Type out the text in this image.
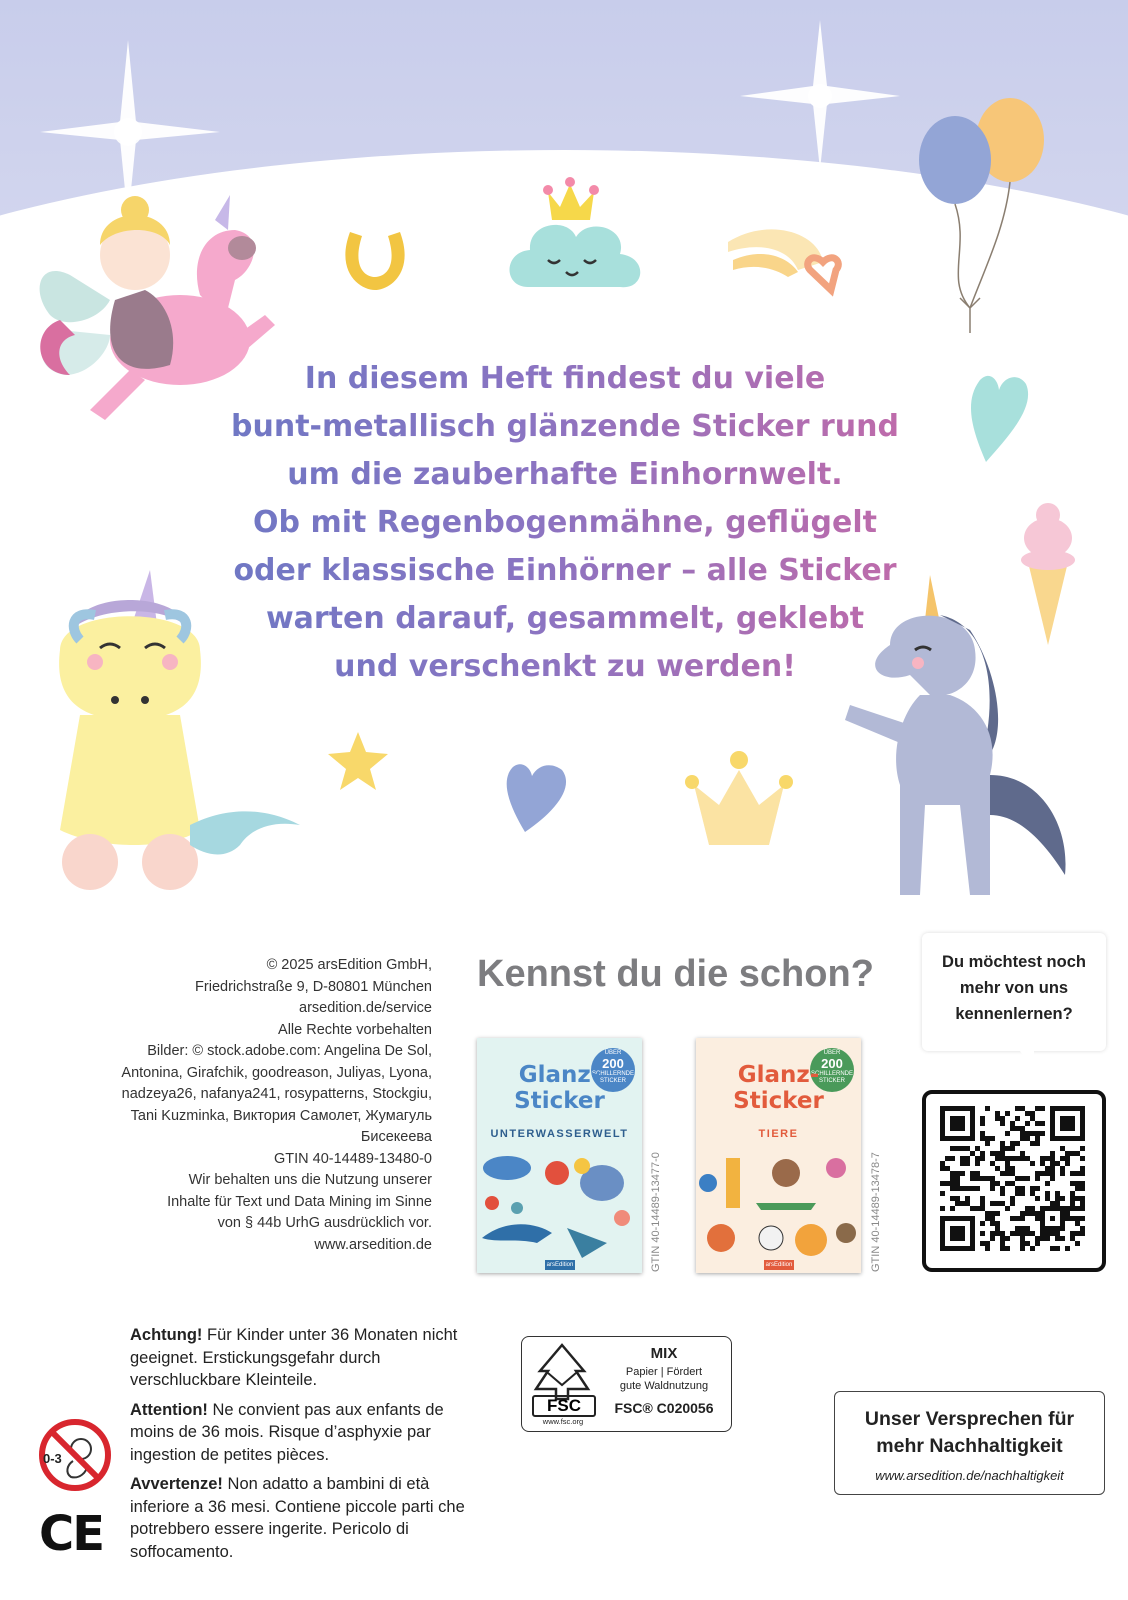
In diesem Heft findest du viele
bunt-metallisch glänzende Sticker rund
um die zauberhafte Einhornwelt.
Ob mit Regenbogenmähne, geflügelt
oder klassische Einhörner – alle Sticker
warten darauf, gesammelt, geklebt
und verschenkt zu werden!
© 2025 arsEdition GmbH,
Friedrichstraße 9, D-80801 München
arsedition.de/service
Alle Rechte vorbehalten
Bilder: © stock.adobe.com: Angelina De Sol,
Antonina, Girafchik, goodreason, Juliyas, Lyona,
nadzeya26, nafanya241, rosypatterns, Stockgiu,
Tani Kuzminka, Виктория Самолет, Жумагуль
Бисекеева
GTIN 40-14489-13480-0
Wir behalten uns die Nutzung unserer
Inhalte für Text und Data Mining im Sinne
von § 44b UrhG ausdrücklich vor.
www.arsedition.de
Kennst du die schon?
ÜBER
200
SCHILLERNDE STICKER
Glanz-
Sticker
UNTERWASSERWELT
arsEdition	GTIN 40-14489-13477-0
ÜBER
200
SCHILLERNDE STICKER
Glanz-
Sticker
TIERE
arsEdition	GTIN 40-14489-13478-7

Du möchtest noch mehr von uns kennenlernen?

0-3
CE

Achtung! Für Kinder unter 36 Monaten nicht geeignet. Erstickungsgefahr durch verschluckbare Kleinteile.

Attention! Ne convient pas aux enfants de moins de 36 mois. Risque d’asphyxie par ingestion de petites pièces.

Avvertenze! Non adatto a bambini di età inferiore a 36 mesi. Contiene piccole parti che potrebbero essere ingerite. Pericolo di soffocamento.

FSC
www.fsc.org
MIX
Papier | Fördert
gute Waldnutzung
FSC® C020056	Unser Versprechen für
mehr Nachhaltigkeit
www.arsedition.de/nachhaltigkeit
